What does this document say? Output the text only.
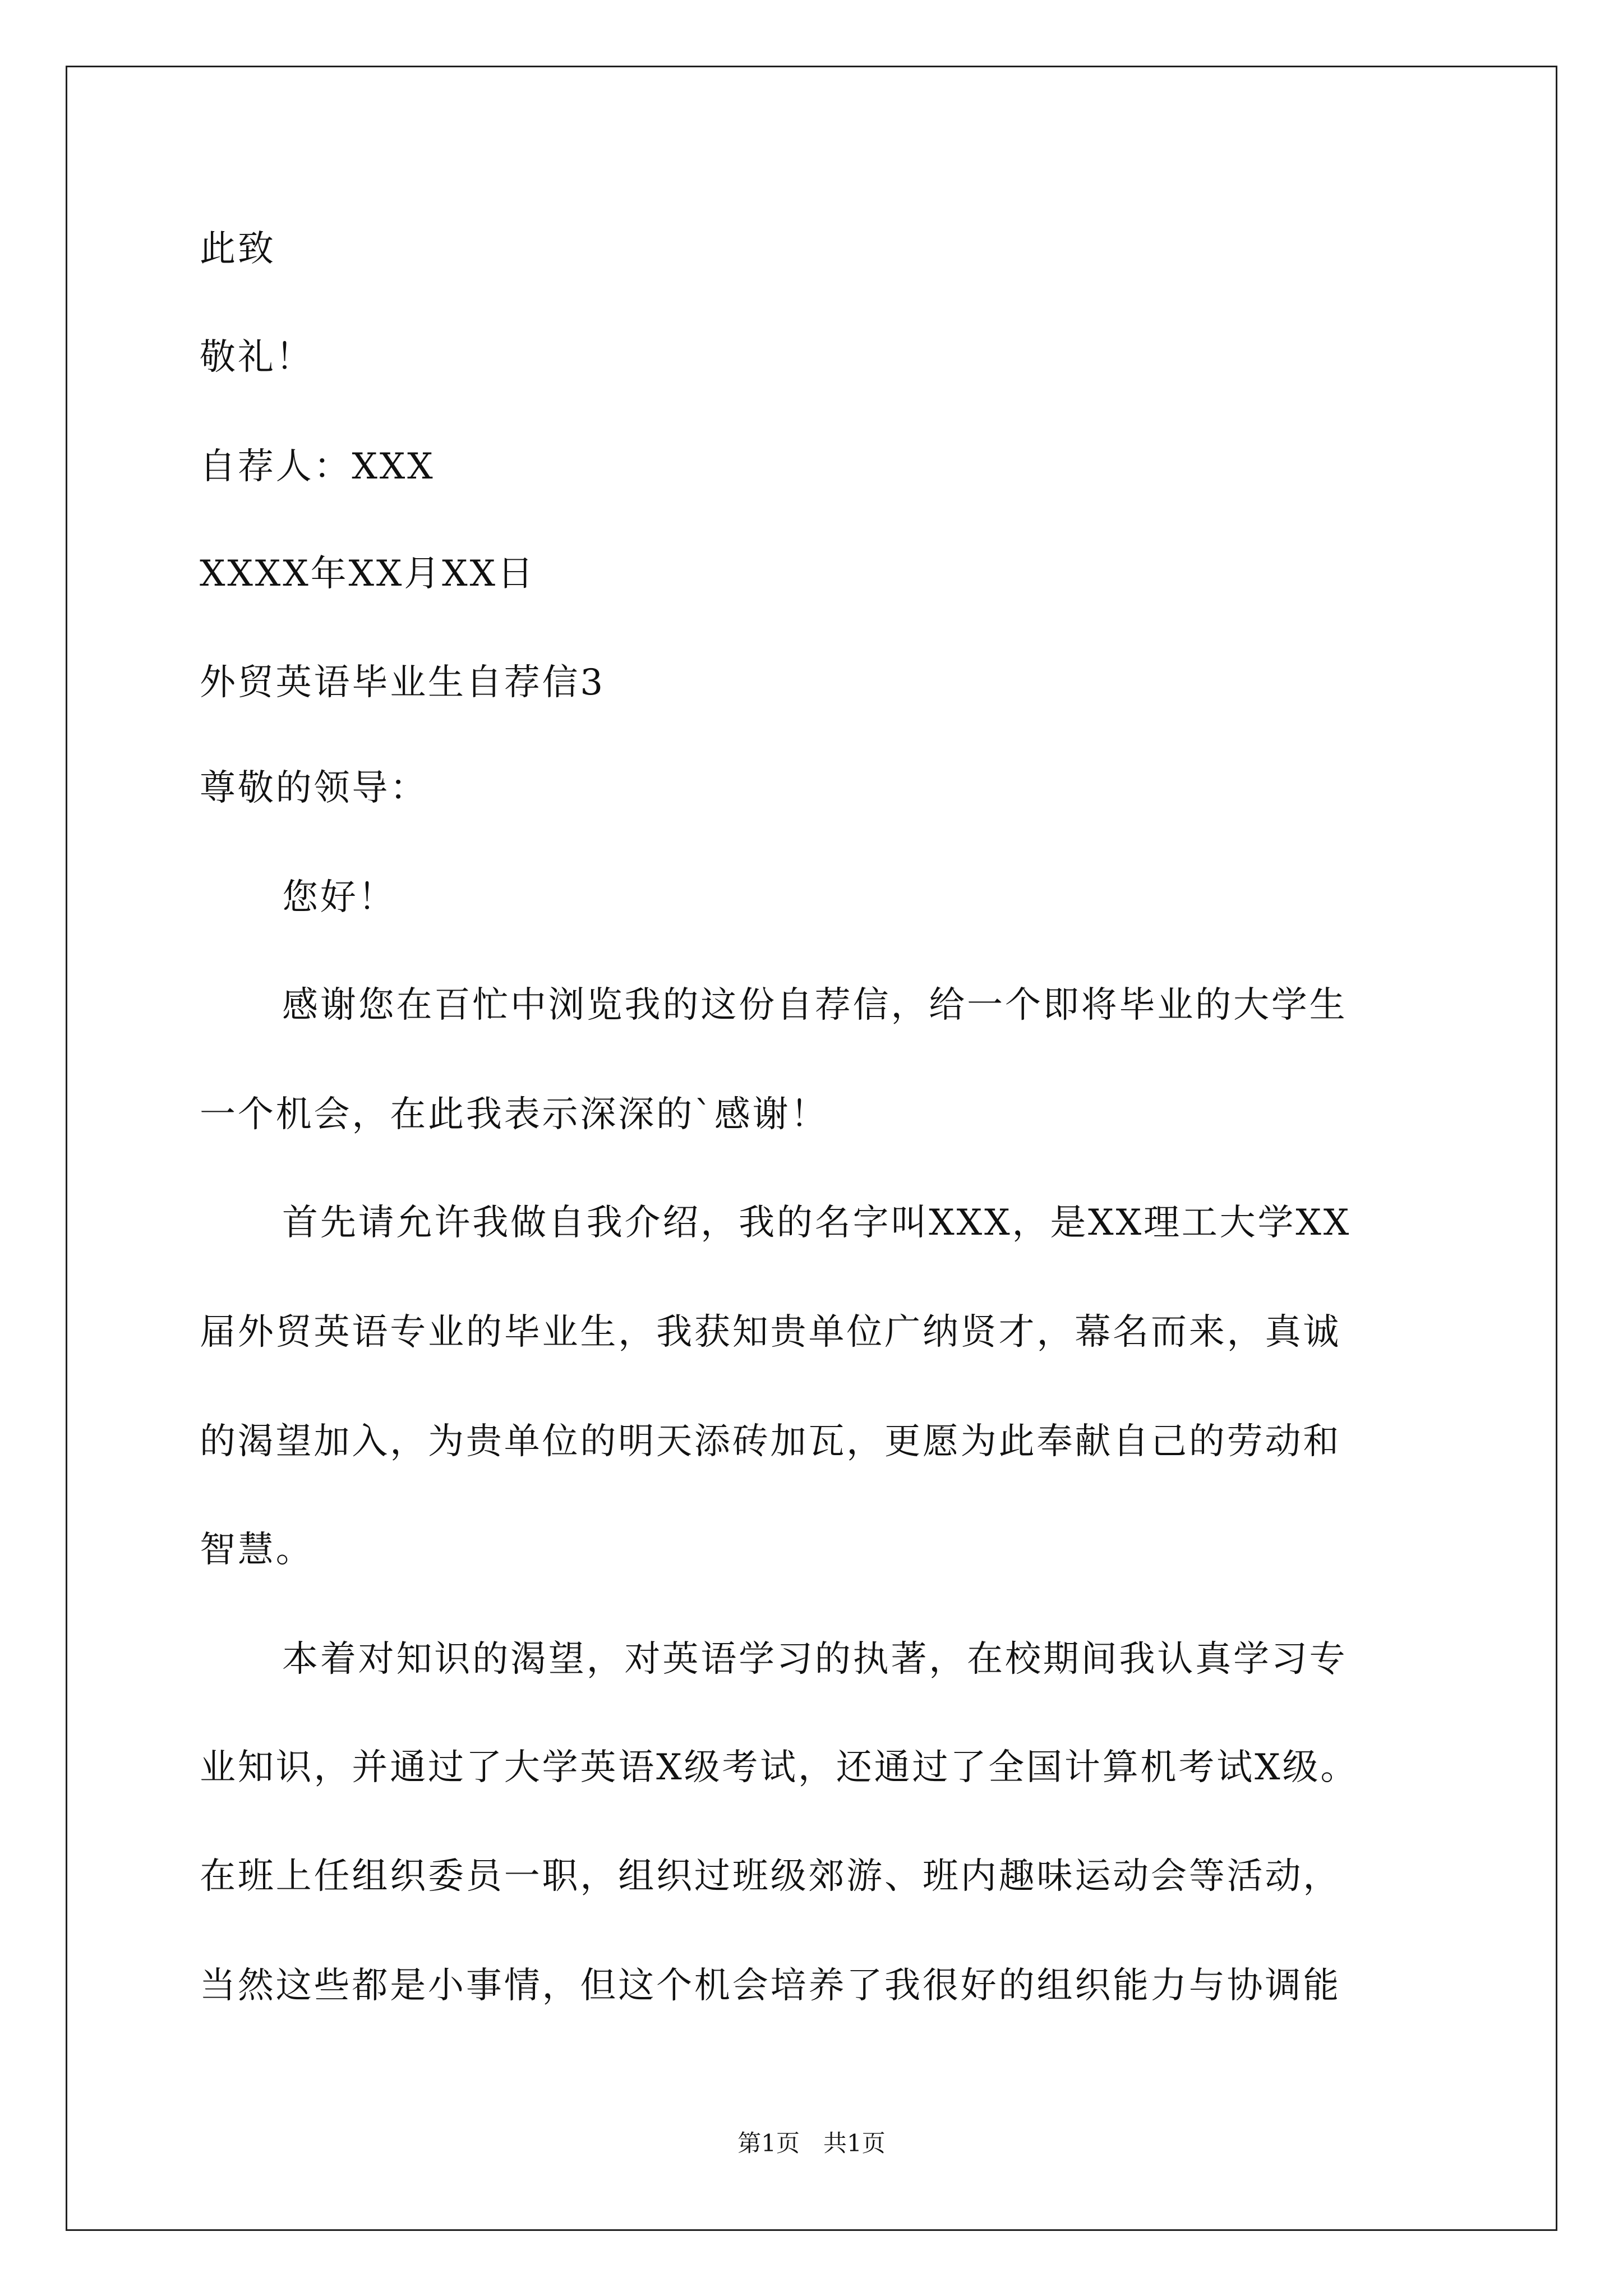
此致
敬礼！
自荐人：XXX
XXXX年XX月XX日
外贸英语毕业生自荐信3
尊敬的领导：
您好！
感谢您在百忙中浏览我的这份自荐信，给一个即将毕业的大学生
一个机会，在此我表示深深的`感谢！
首先请允许我做自我介绍，我的名字叫XXX，是XX理工大学XX
届外贸英语专业的毕业生，我获知贵单位广纳贤才，幕名而来，真诚
的渴望加入，为贵单位的明天添砖加瓦，更愿为此奉献自己的劳动和
智慧。
本着对知识的渴望，对英语学习的执著，在校期间我认真学习专
业知识，并通过了大学英语X级考试，还通过了全国计算机考试X级。
在班上任组织委员一职，组织过班级郊游、班内趣味运动会等活动，
当然这些都是小事情，但这个机会培养了我很好的组织能力与协调能
第1页　共1页
